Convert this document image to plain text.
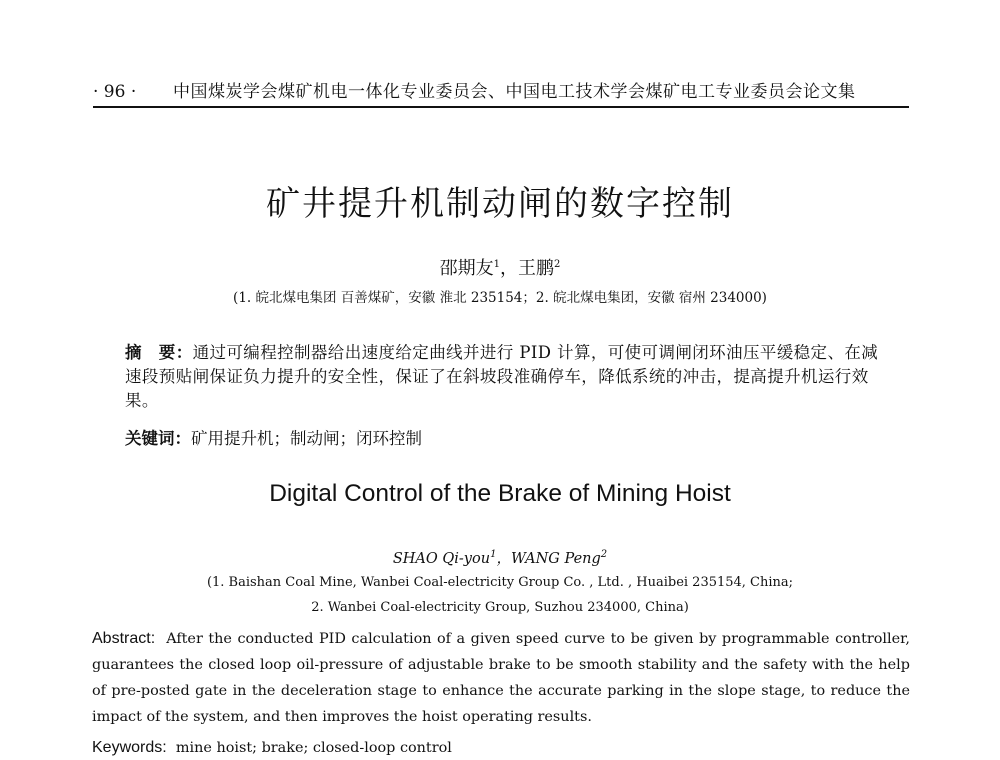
· 96 · 中国煤炭学会煤矿机电一体化专业委员会、中国电工技术学会煤矿电工专业委员会论文集
矿井提升机制动闸的数字控制
邵期友$^1$，王鹏$^2$
(1. 皖北煤电集团 百善煤矿，安徽 淮北 235154；2. 皖北煤电集团，安徽 宿州 234000)
摘　要：通过可编程控制器给出速度给定曲线并进行 PID 计算，可使可调闸闭环油压平缓稳定、在减速段预贴闸保证负力提升的安全性，保证了在斜坡段准确停车，降低系统的冲击，提高提升机运行效果。
关键词：矿用提升机；制动闸；闭环控制
Digital Control of the Brake of Mining Hoist
SHAO Qi-you$^1$，WANG Peng$^2$
(1. Baishan Coal Mine, Wanbei Coal-electricity Group Co. , Ltd. , Huaibei 235154, China;
2. Wanbei Coal-electricity Group, Suzhou 234000, China)
Abstract: After the conducted PID calculation of a given speed curve to be given by programmable controller, guarantees the closed loop oil-pressure of adjustable brake to be smooth stability and the safety with the help of pre-posted gate in the deceleration stage to enhance the accurate parking in the slope stage, to reduce the impact of the system, and then improves the hoist operating results.
Keywords: mine hoist; brake; closed-loop control
